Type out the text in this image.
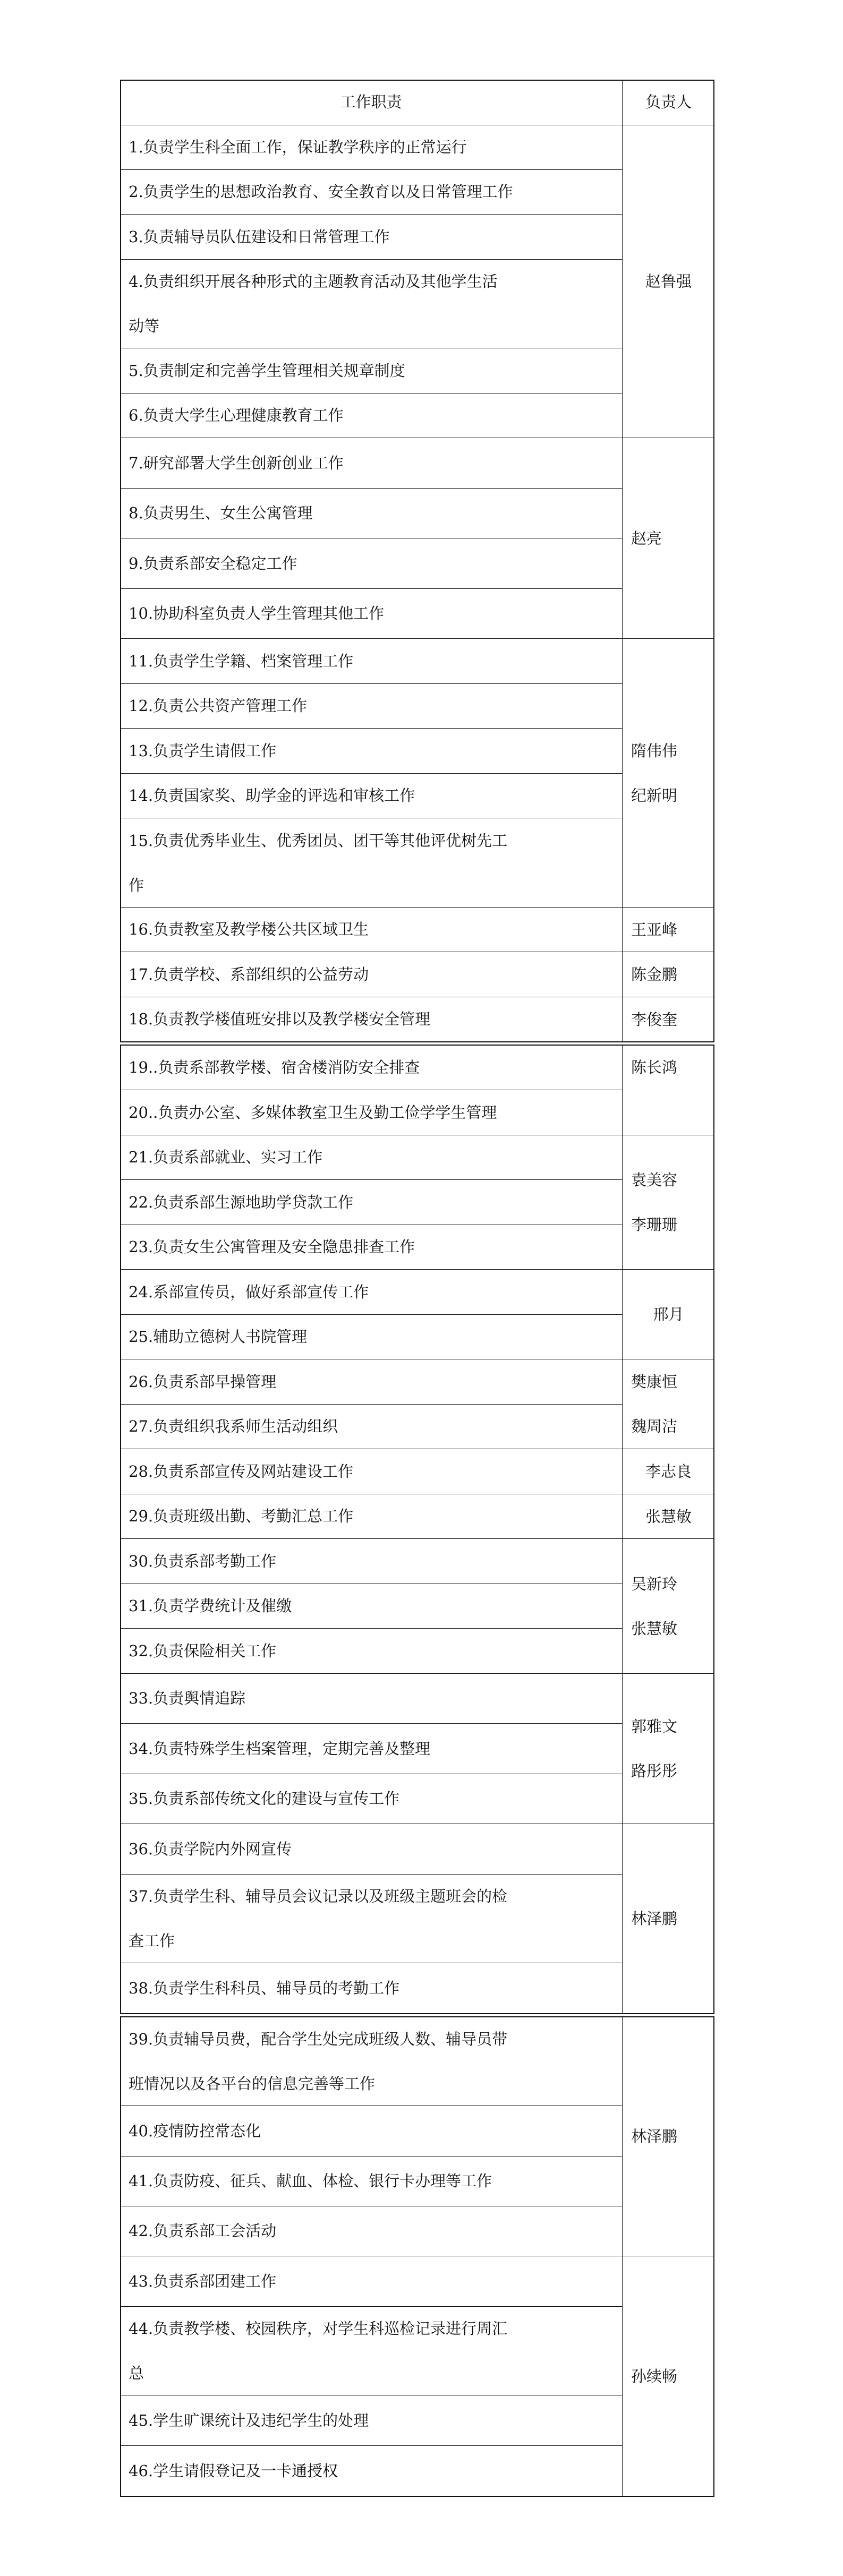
工作职责	负责人
1.负责学生科全面工作，保证教学秩序的正常运行
2.负责学生的思想政治教育、安全教育以及日常管理工作
3.负责辅导员队伍建设和日常管理工作
4.负责组织开展各种形式的主题教育活动及其他学生活
动等
5.负责制定和完善学生管理相关规章制度
6.负责大学生心理健康教育工作
7.研究部署大学生创新创业工作
8.负责男生、女生公寓管理
9.负责系部安全稳定工作
10.协助科室负责人学生管理其他工作
11.负责学生学籍、档案管理工作
12.负责公共资产管理工作
13.负责学生请假工作
14.负责国家奖、助学金的评选和审核工作
15.负责优秀毕业生、优秀团员、团干等其他评优树先工
作
16.负责教室及教学楼公共区域卫生
17.负责学校、系部组织的公益劳动
18.负责教学楼值班安排以及教学楼安全管理
19..负责系部教学楼、宿舍楼消防安全排查
20..负责办公室、多媒体教室卫生及勤工俭学学生管理
21.负责系部就业、实习工作
22.负责系部生源地助学贷款工作
23.负责女生公寓管理及安全隐患排查工作
24.系部宣传员，做好系部宣传工作
25.辅助立德树人书院管理
26.负责系部早操管理
27.负责组织我系师生活动组织
28.负责系部宣传及网站建设工作
29.负责班级出勤、考勤汇总工作
30.负责系部考勤工作
31.负责学费统计及催缴
32.负责保险相关工作
33.负责舆情追踪
34.负责特殊学生档案管理，定期完善及整理
35.负责系部传统文化的建设与宣传工作
36.负责学院内外网宣传
37.负责学生科、辅导员会议记录以及班级主题班会的检
查工作
38.负责学生科科员、辅导员的考勤工作
39.负责辅导员费，配合学生处完成班级人数、辅导员带
班情况以及各平台的信息完善等工作
40.疫情防控常态化
41.负责防疫、征兵、献血、体检、银行卡办理等工作
42.负责系部工会活动
43.负责系部团建工作
44.负责教学楼、校园秩序，对学生科巡检记录进行周汇
总
45.学生旷课统计及违纪学生的处理
46.学生请假登记及一卡通授权
赵鲁强
赵亮
隋伟伟
纪新明
王亚峰
陈金鹏
李俊奎
陈长鸿
袁美容
李珊珊
邢月
樊康恒
魏周洁
李志良
张慧敏
吴新玲
张慧敏
郭雅文
路彤彤
林泽鹏
林泽鹏
孙续畅
